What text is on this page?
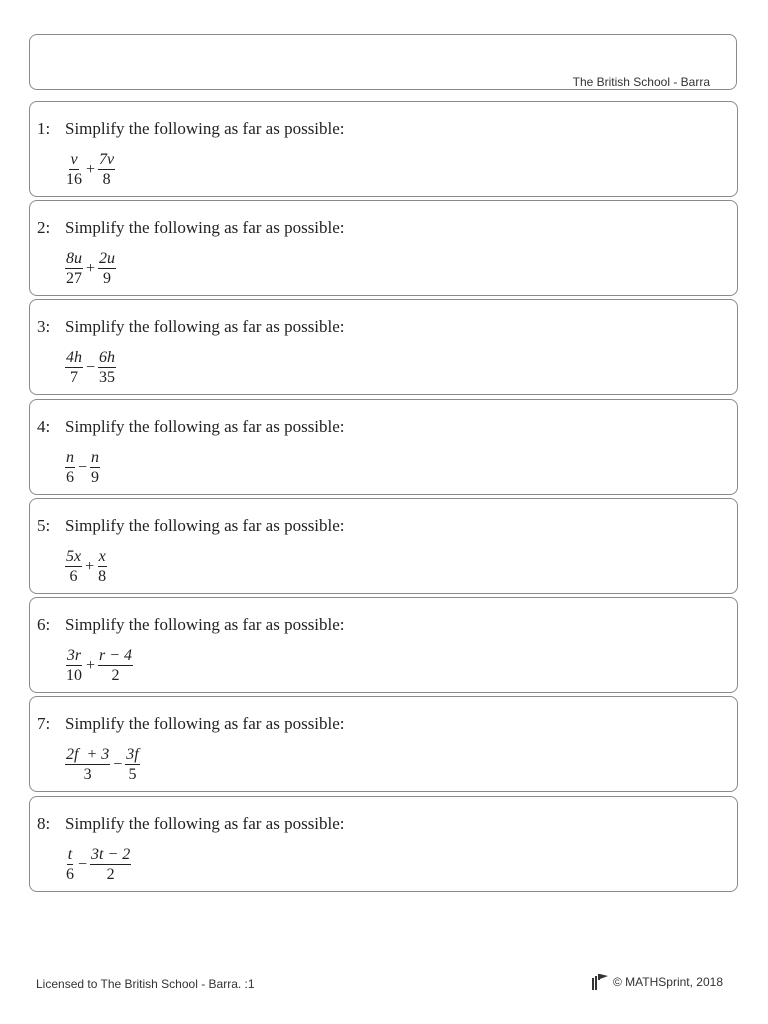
The British School - Barra
1: Simplify the following as far as possible:
$\frac{v}{16} + \frac{7v}{8}$
2: Simplify the following as far as possible:
$\frac{8u}{27} + \frac{2u}{9}$
3: Simplify the following as far as possible:
$\frac{4h}{7} - \frac{6h}{35}$
4: Simplify the following as far as possible:
$\frac{n}{6} - \frac{n}{9}$
5: Simplify the following as far as possible:
$\frac{5x}{6} + \frac{x}{8}$
6: Simplify the following as far as possible:
$\frac{3r}{10} + \frac{r - 4}{2}$
7: Simplify the following as far as possible:
$\frac{2f + 3}{3} - \frac{3f}{5}$
8: Simplify the following as far as possible:
$\frac{t}{6} - \frac{3t - 2}{2}$
Licensed to The British School - Barra. :1	© MATHSprint, 2018
